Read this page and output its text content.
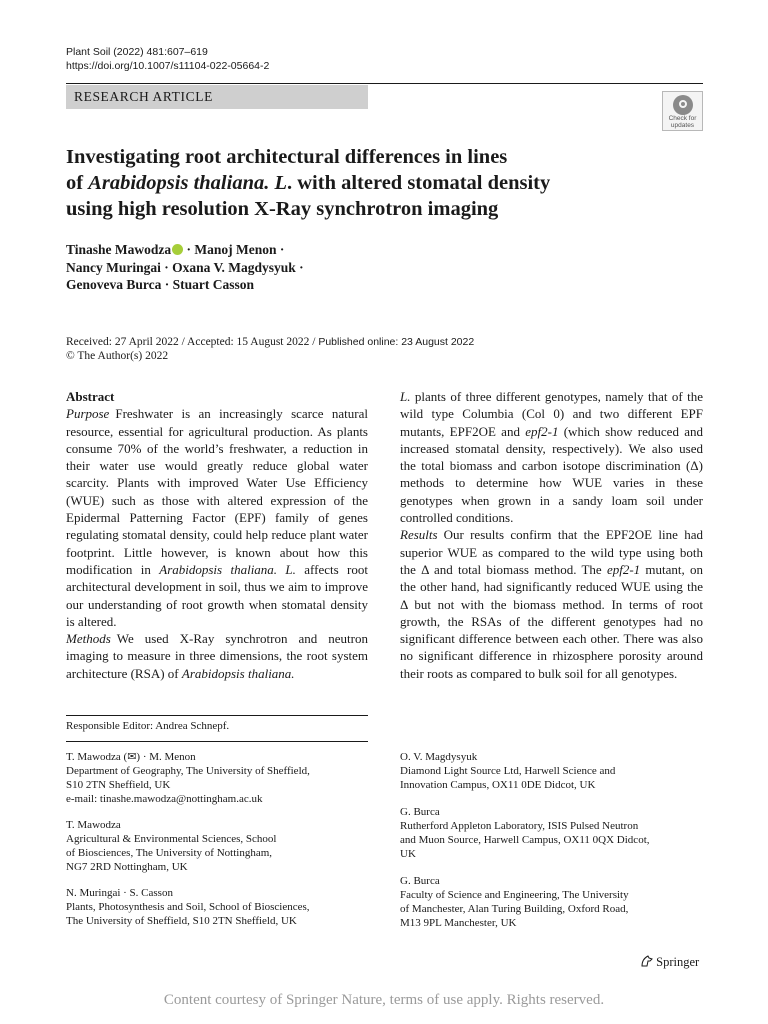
Plant Soil (2022) 481:607–619
https://doi.org/10.1007/s11104-022-05664-2
RESEARCH ARTICLE
Check for
updates
Investigating root architectural differences in lines
of Arabidopsis thaliana. L. with altered stomatal density
using high resolution X-Ray synchrotron imaging
Tinashe Mawodza · Manoj Menon ·
Nancy Muringai · Oxana V. Magdysyuk ·
Genoveva Burca · Stuart Casson
Received: 27 April 2022 / Accepted: 15 August 2022 / Published online: 23 August 2022
© The Author(s) 2022

Abstract

Purpose Freshwater is an increasingly scarce natural resource, essential for agricultural production. As plants consume 70% of the world’s freshwater, a reduction in their water use would greatly reduce global water scarcity. Plants with improved Water Use Efficiency (WUE) such as those with altered expression of the Epidermal Patterning Factor (EPF) family of genes regulating stomatal density, could help reduce plant water footprint. Little however, is known about how this modification in Arabidopsis thaliana. L. affects root architectural development in soil, thus we aim to improve our understanding of root growth when stomatal density is altered.

Methods We used X-Ray synchrotron and neutron imaging to measure in three dimensions, the root system architecture (RSA) of Arabidopsis thaliana.

L. plants of three different genotypes, namely that of the wild type Columbia (Col 0) and two different EPF mutants, EPF2OE and epf2-1 (which show reduced and increased stomatal density, respectively). We also used the total biomass and carbon isotope discrimination (Δ) methods to determine how WUE varies in these genotypes when grown in a sandy loam soil under controlled conditions.

Results Our results confirm that the EPF2OE line had superior WUE as compared to the wild type using both the Δ and total biomass method. The epf2-1 mutant, on the other hand, had significantly reduced WUE using the Δ but not with the biomass method. In terms of root growth, the RSAs of the different genotypes had no significant difference between each other. There was also no significant difference in rhizosphere porosity around their roots as compared to bulk soil for all genotypes.

Responsible Editor: Andrea Schnepf.
T. Mawodza (✉) · M. Menon
Department of Geography, The University of Sheffield,
S10 2TN Sheffield, UK
e-mail: tinashe.mawodza@nottingham.ac.uk
T. Mawodza
Agricultural & Environmental Sciences, School
of Biosciences, The University of Nottingham,
NG7 2RD Nottingham, UK
N. Muringai · S. Casson
Plants, Photosynthesis and Soil, School of Biosciences,
The University of Sheffield, S10 2TN Sheffield, UK
O. V. Magdysyuk
Diamond Light Source Ltd, Harwell Science and
Innovation Campus, OX11 0DE Didcot, UK
G. Burca
Rutherford Appleton Laboratory, ISIS Pulsed Neutron
and Muon Source, Harwell Campus, OX11 0QX Didcot,
UK
G. Burca
Faculty of Science and Engineering, The University
of Manchester, Alan Turing Building, Oxford Road,
M13 9PL Manchester, UK
Springer
Content courtesy of Springer Nature, terms of use apply. Rights reserved.
